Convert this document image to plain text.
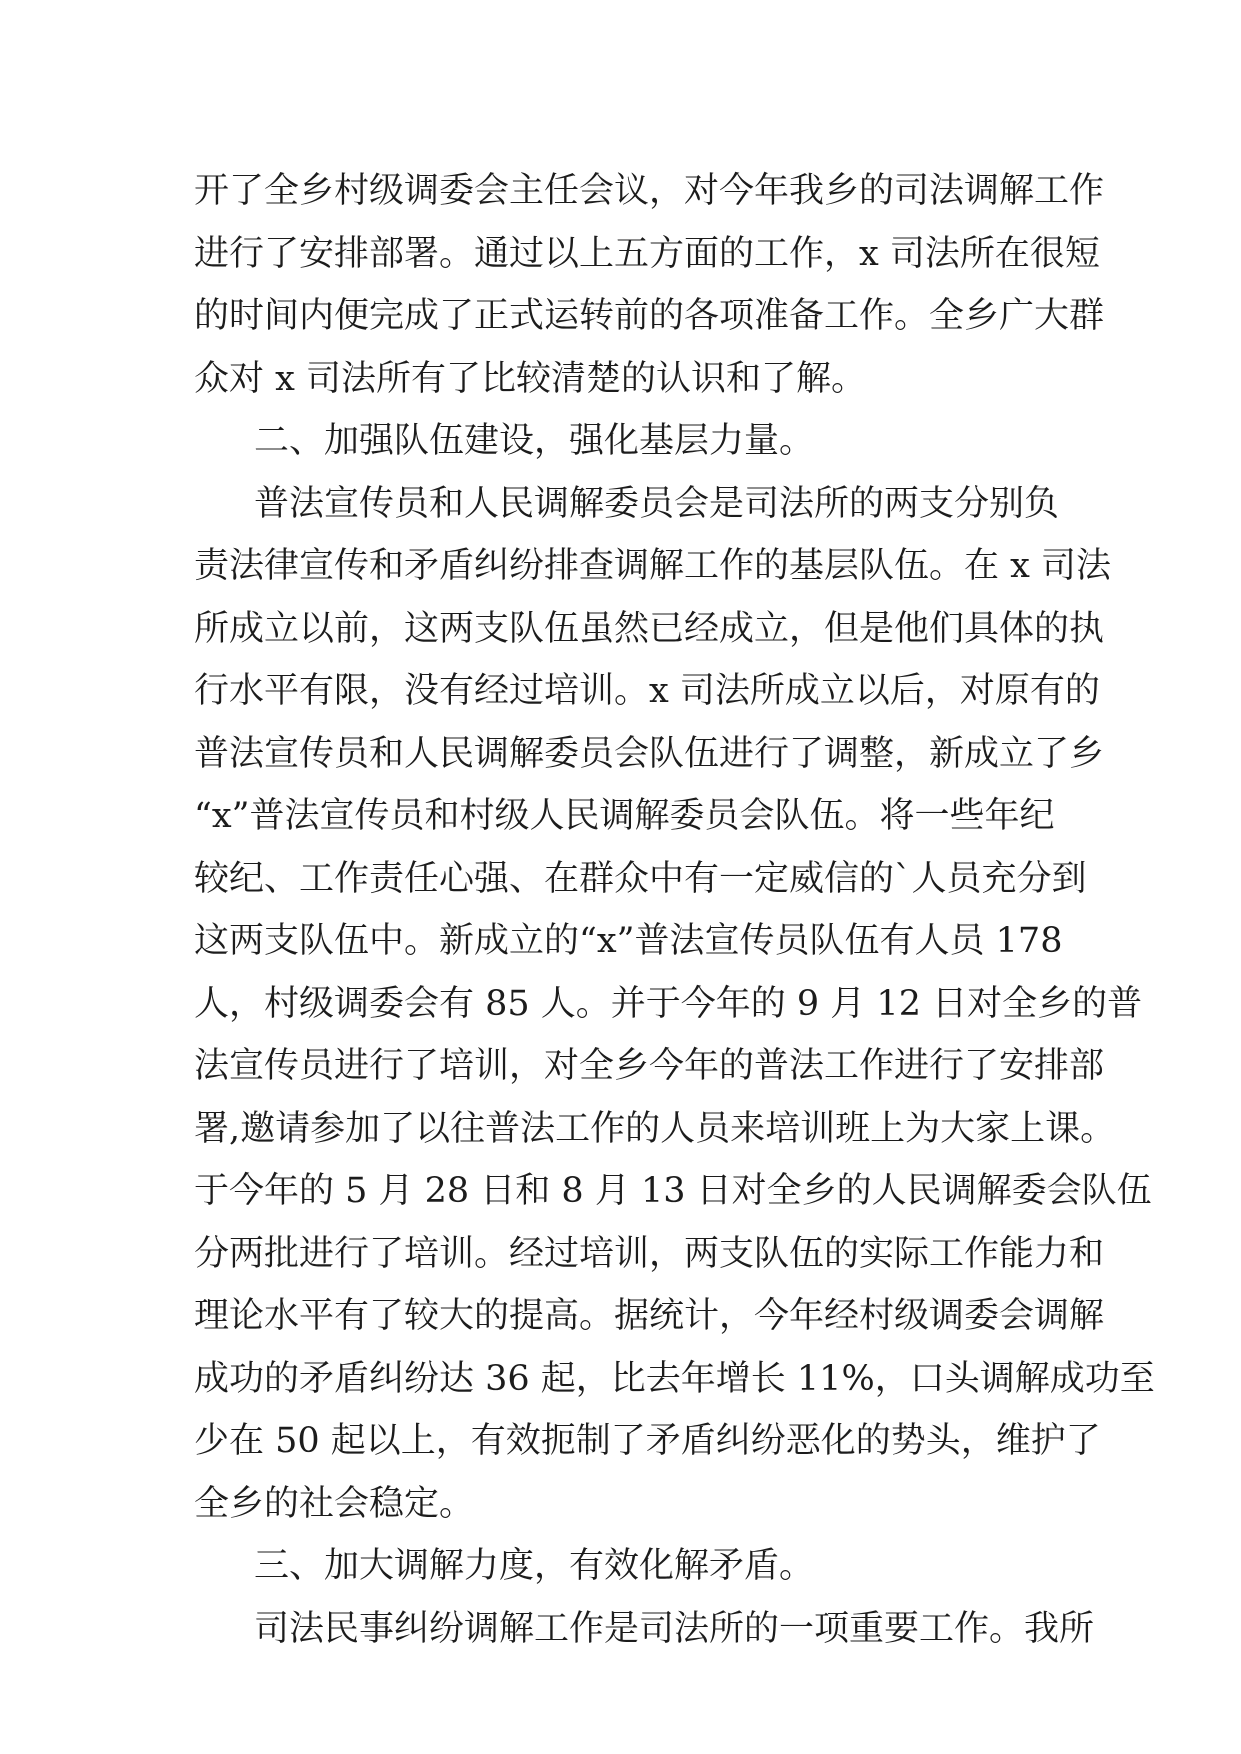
开了全乡村级调委会主任会议，对今年我乡的司法调解工作
进行了安排部署。通过以上五方面的工作，x 司法所在很短
的时间内便完成了正式运转前的各项准备工作。全乡广大群
众对 x 司法所有了比较清楚的认识和了解。
二、加强队伍建设，强化基层力量。
普法宣传员和人民调解委员会是司法所的两支分别负
责法律宣传和矛盾纠纷排查调解工作的基层队伍。在 x 司法
所成立以前，这两支队伍虽然已经成立，但是他们具体的执
行水平有限，没有经过培训。x 司法所成立以后，对原有的
普法宣传员和人民调解委员会队伍进行了调整，新成立了乡
“x”普法宣传员和村级人民调解委员会队伍。将一些年纪
较纪、工作责任心强、在群众中有一定威信的`人员充分到
这两支队伍中。新成立的“x”普法宣传员队伍有人员 178
人，村级调委会有 85 人。并于今年的 9 月 12 日对全乡的普
法宣传员进行了培训，对全乡今年的普法工作进行了安排部
署,邀请参加了以往普法工作的人员来培训班上为大家上课。
于今年的 5 月 28 日和 8 月 13 日对全乡的人民调解委会队伍
分两批进行了培训。经过培训，两支队伍的实际工作能力和
理论水平有了较大的提高。据统计，今年经村级调委会调解
成功的矛盾纠纷达 36 起，比去年增长 11%，口头调解成功至
少在 50 起以上，有效扼制了矛盾纠纷恶化的势头，维护了
全乡的社会稳定。
三、加大调解力度，有效化解矛盾。
司法民事纠纷调解工作是司法所的一项重要工作。我所
